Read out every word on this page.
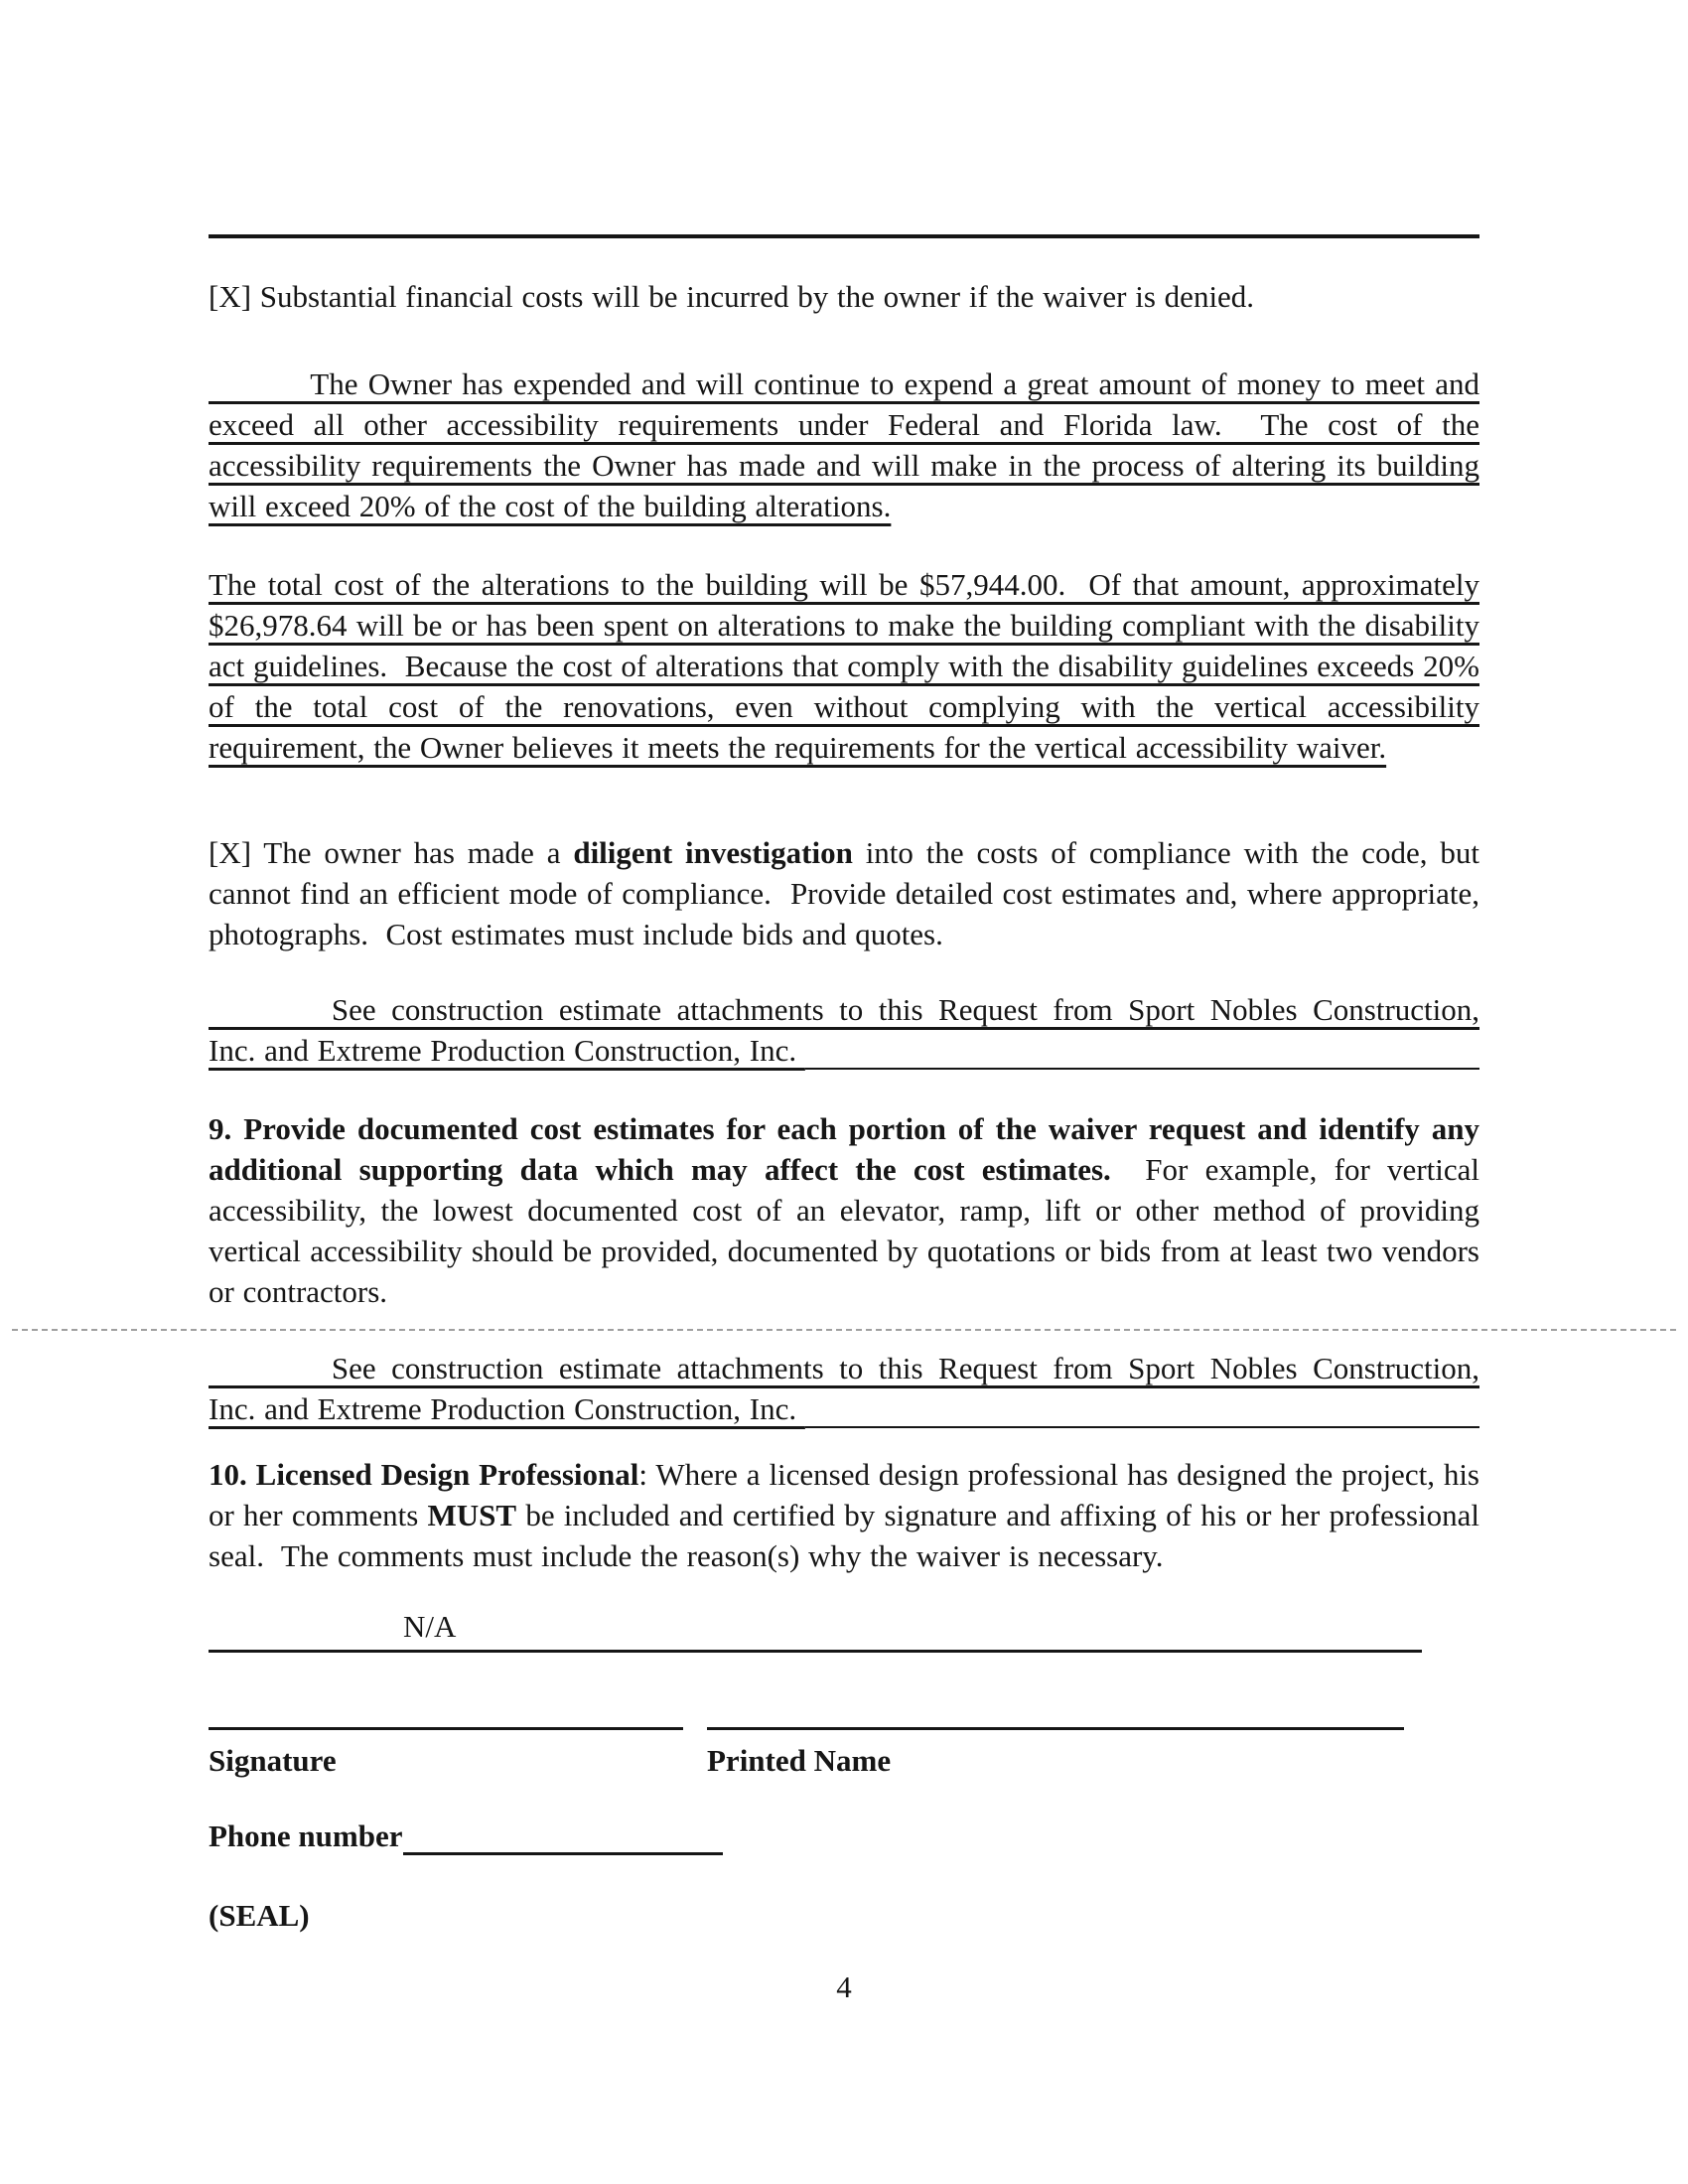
[X] Substantial financial costs will be incurred by the owner if the waiver is denied.

The Owner has expended and will continue to expend a great amount of money to meet and exceed all other accessibility requirements under Federal and Florida law.  The cost of the accessibility requirements the Owner has made and will make in the process of altering its building will exceed 20% of the cost of the building alterations.

The total cost of the alterations to the building will be $57,944.00.  Of that amount, approximately $26,978.64 will be or has been spent on alterations to make the building compliant with the disability act guidelines.  Because the cost of alterations that comply with the disability guidelines exceeds 20% of the total cost of the renovations, even without complying with the vertical accessibility requirement, the Owner believes it meets the requirements for the vertical accessibility waiver.

[X] The owner has made a diligent investigation into the costs of compliance with the code, but cannot find an efficient mode of compliance.  Provide detailed cost estimates and, where appropriate, photographs.  Cost estimates must include bids and quotes.

See construction estimate attachments to this Request from Sport Nobles Construction,
Inc. and Extreme Production Construction, Inc.

9. Provide documented cost estimates for each portion of the waiver request and identify any additional supporting data which may affect the cost estimates.  For example, for vertical accessibility, the lowest documented cost of an elevator, ramp, lift or other method of providing vertical accessibility should be provided, documented by quotations or bids from at least two vendors or contractors.

See construction estimate attachments to this Request from Sport Nobles Construction,
Inc. and Extreme Production Construction, Inc.

10. Licensed Design Professional: Where a licensed design professional has designed the project, his or her comments MUST be included and certified by signature and affixing of his or her professional seal.  The comments must include the reason(s) why the waiver is necessary.

N/A
Signature	Printed Name
Phone number
(SEAL)
4
